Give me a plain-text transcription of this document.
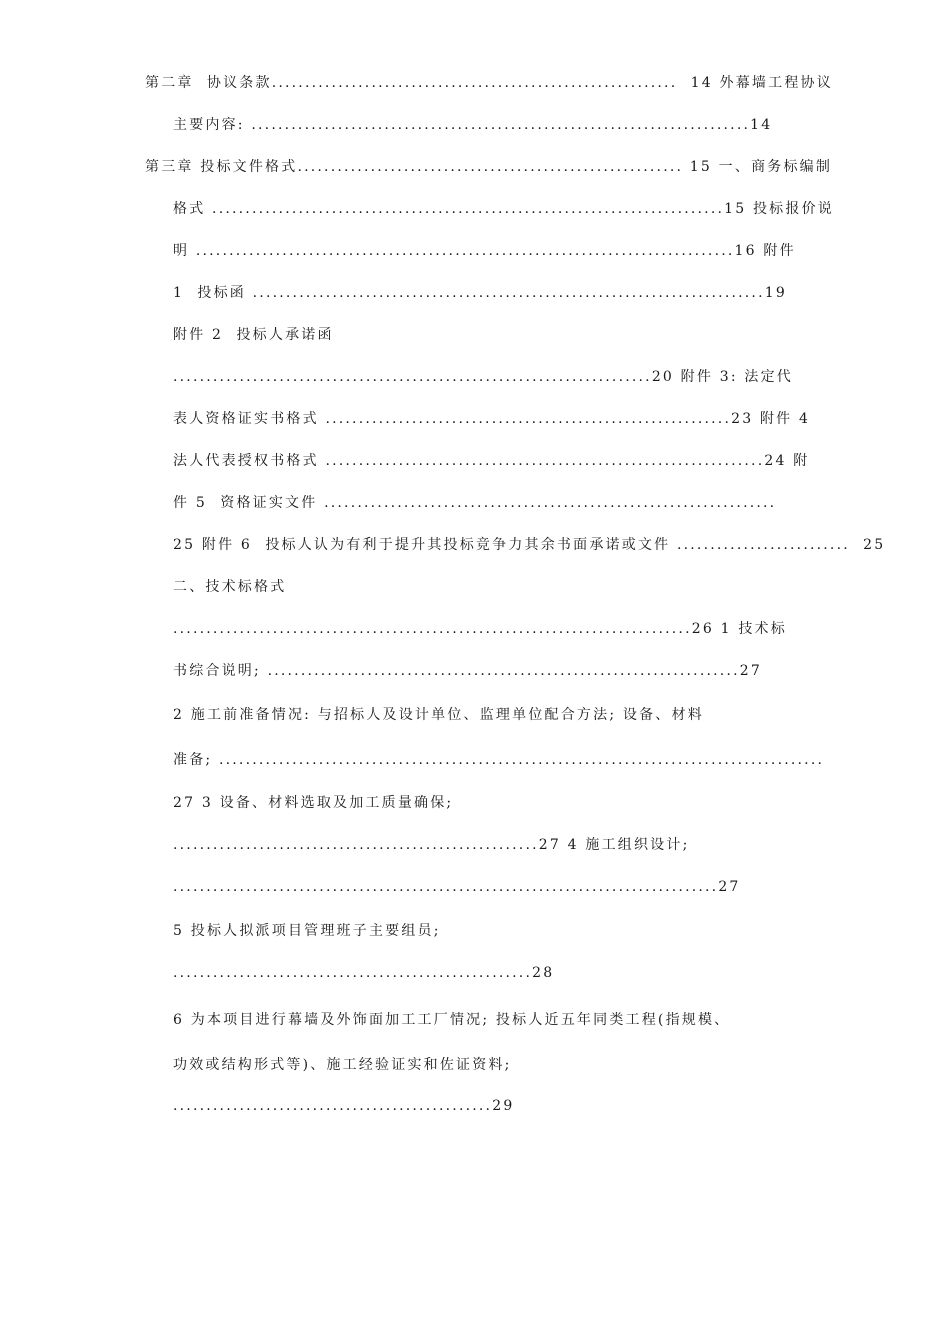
第二章  协议条款.............................................................  14 外幕墙工程协议
主要内容: ...........................................................................14
第三章 投标文件格式.......................................................... 15 一、商务标编制
格式 .............................................................................15 投标报价说
明 .................................................................................16 附件
1  投标函 .............................................................................19
附件 2  投标人承诺函
........................................................................20 附件 3: 法定代
表人资格证实书格式 .............................................................23 附件 4
法人代表授权书格式 ..................................................................24 附
件 5  资格证实文件 ....................................................................
25 附件 6  投标人认为有利于提升其投标竞争力其余书面承诺或文件 ..........................  25
二、技术标格式
..............................................................................26 1 技术标
书综合说明; .......................................................................27
2 施工前准备情况: 与招标人及设计单位、监理单位配合方法; 设备、材料
准备; ...........................................................................................
27 3 设备、材料选取及加工质量确保;
.......................................................27 4 施工组织设计;
..................................................................................27
5 投标人拟派项目管理班子主要组员;
......................................................28
6 为本项目进行幕墙及外饰面加工工厂情况; 投标人近五年同类工程(指规模、
功效或结构形式等)、施工经验证实和佐证资料;
................................................29
